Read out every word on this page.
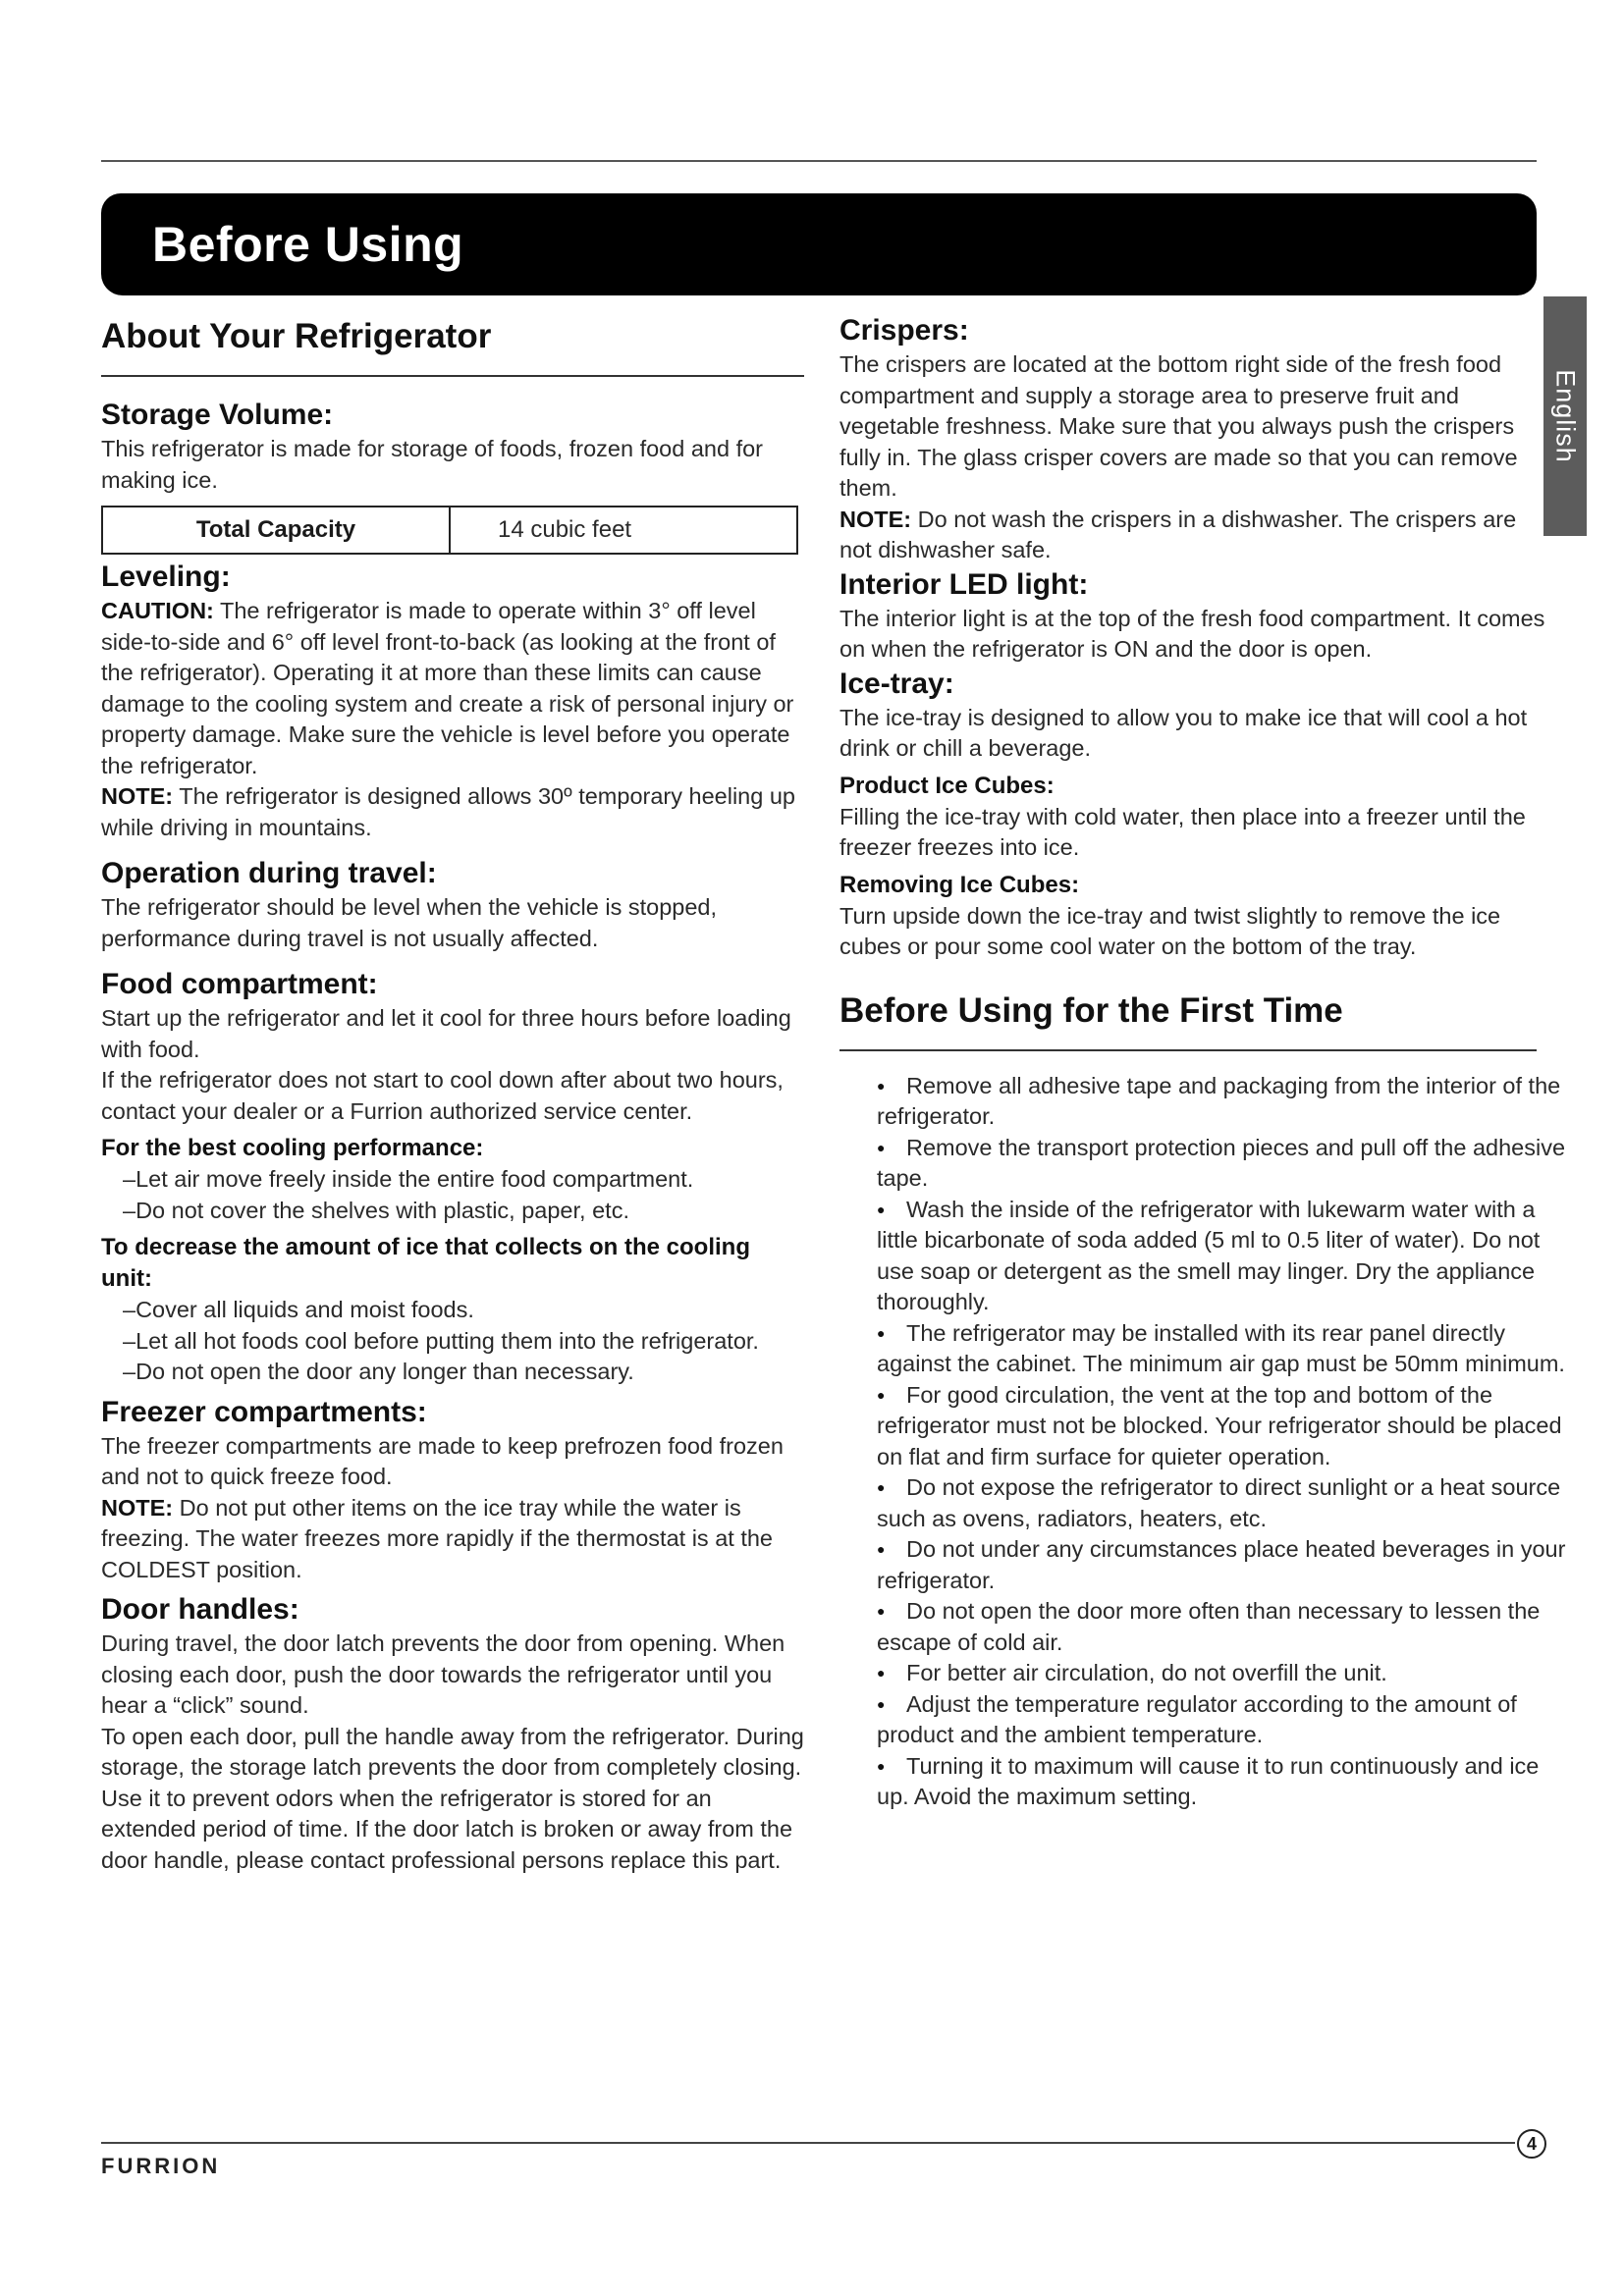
Before Using
English
About Your Refrigerator
Storage Volume:

This refrigerator is made for storage of foods, frozen food and for making ice.

Total Capacity	14 cubic feet
Leveling:

CAUTION: The refrigerator is made to operate within 3° off level side-to-side and 6° off level front-to-back (as looking at the front of the refrigerator). Operating it at more than these limits can cause damage to the cooling system and create a risk of personal injury or property damage. Make sure the vehicle is level before you operate the refrigerator.

NOTE: The refrigerator is designed allows 30º temporary heeling up while driving in mountains.

Operation during travel:

The refrigerator should be level when the vehicle is stopped, performance during travel is not usually affected.

Food compartment:

Start up the refrigerator and let it cool for three hours before loading with food.

If the refrigerator does not start to cool down after about two hours, contact your dealer or a Furrion authorized service center.

For the best cooling performance:
–Let air move freely inside the entire food compartment.
–Do not cover the shelves with plastic, paper, etc.
To decrease the amount of ice that collects on the cooling unit:
–Cover all liquids and moist foods.
–Let all hot foods cool before putting them into the refrigerator.
–Do not open the door any longer than necessary.
Freezer compartments:

The freezer compartments are made to keep prefrozen food frozen and not to quick freeze food.

NOTE: Do not put other items on the ice tray while the water is freezing. The water freezes more rapidly if the thermostat is at the COLDEST position.

Door handles:

During travel, the door latch prevents the door from opening. When closing each door, push the door towards the refrigerator until you hear a “click” sound.

To open each door, pull the handle away from the refrigerator. During storage, the storage latch prevents the door from completely closing. Use it to prevent odors when the refrigerator is stored for an extended period of time. If the door latch is broken or away from the door handle, please contact professional persons replace this part.

Crispers:

The crispers are located at the bottom right side of the fresh food compartment and supply a storage area to preserve fruit and vegetable freshness. Make sure that you always push the crispers fully in. The glass crisper covers are made so that you can remove them.

NOTE: Do not wash the crispers in a dishwasher. The crispers are not dishwasher safe.

Interior LED light:

The interior light is at the top of the fresh food compartment. It comes on when the refrigerator is ON and the door is open.

Ice-tray:

The ice-tray is designed to allow you to make ice that will cool a hot drink or chill a beverage.

Product Ice Cubes:

Filling the ice-tray with cold water, then place into a freezer until the freezer freezes into ice.

Removing Ice Cubes:

Turn upside down the ice-tray and twist slightly to remove the ice cubes or pour some cool water on the bottom of the tray.

Before Using for the First Time
● Remove all adhesive tape and packaging from the interior of the refrigerator.
● Remove the transport protection pieces and pull off the adhesive tape.
● Wash the inside of the refrigerator with lukewarm water with a little bicarbonate of soda added (5 ml to 0.5 liter of water). Do not use soap or detergent as the smell may linger. Dry the appliance thoroughly.
● The refrigerator may be installed with its rear panel directly against the cabinet. The minimum air gap must be 50mm minimum.
● For good circulation, the vent at the top and bottom of the refrigerator must not be blocked. Your refrigerator should be placed on flat and firm surface for quieter operation.
● Do not expose the refrigerator to direct sunlight or a heat source such as ovens, radiators, heaters, etc.
● Do not under any circumstances place heated beverages in your refrigerator.
● Do not open the door more often than necessary to lessen the escape of cold air.
● For better air circulation, do not overfill the unit.
● Adjust the temperature regulator according to the amount of product and the ambient temperature.
● Turning it to maximum will cause it to run continuously and ice up. Avoid the maximum setting.
FURRION
4
